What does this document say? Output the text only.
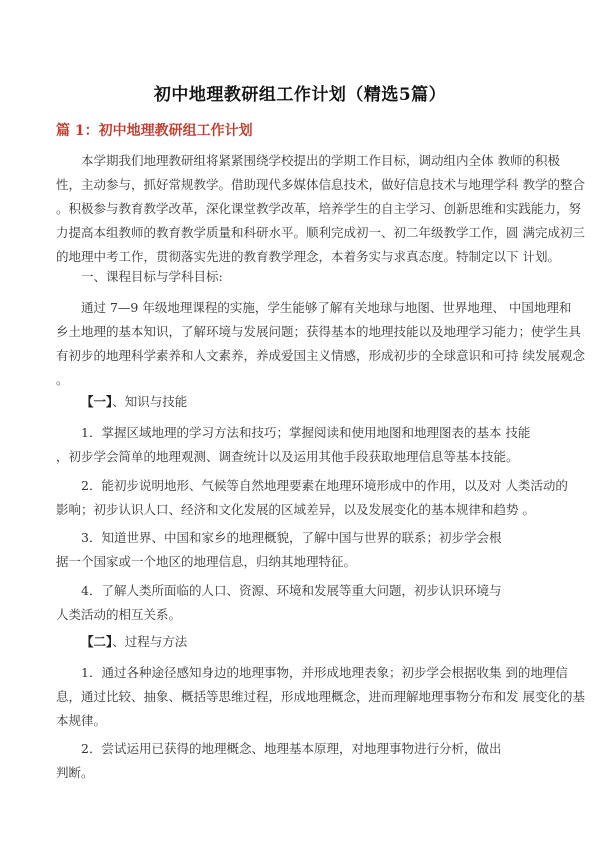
初中地理教研组工作计划（精选5篇）
篇 1：初中地理教研组工作计划
本学期我们地理教研组将紧紧围绕学校提出的学期工作目标，调动组内全体 教师的积极
性，主动参与，抓好常规教学。借助现代多媒体信息技术，做好信息技术与地理学科 教学的整合
。积极参与教育教学改革，深化课堂教学改革，培养学生的自主学习、创新思维和实践能力，努
力提高本组教师的教育教学质量和科研水平。顺利完成初一、初二年级教学工作，圆 满完成初三
的地理中考工作，贯彻落实先进的教育教学理念，本着务实与求真态度。特制定以下 计划。
一、课程目标与学科目标:
通过 7—9 年级地理课程的实施，学生能够了解有关地球与地图、世界地理、 中国地理和
乡土地理的基本知识，了解环境与发展问题；获得基本的地理技能以及地理学习能力；使学生具
有初步的地理科学素养和人文素养，养成爱国主义情感，形成初步的全球意识和可持 续发展观念
。
【一】、知识与技能
1．掌握区域地理的学习方法和技巧；掌握阅读和使用地图和地理图表的基本 技能
，初步学会简单的地理观测、调查统计以及运用其他手段获取地理信息等基本技能。
2．能初步说明地形、气候等自然地理要素在地理环境形成中的作用，以及对 人类活动的
影响；初步认识人口、经济和文化发展的区域差异，以及发展变化的基本规律和趋势 。
3．知道世界、中国和家乡的地理概貌，了解中国与世界的联系；初步学会根
据一个国家或一个地区的地理信息，归纳其地理特征。
4．了解人类所面临的人口、资源、环境和发展等重大问题，初步认识环境与
人类活动的相互关系。
【二】、过程与方法
1．通过各种途径感知身边的地理事物，并形成地理表象；初步学会根据收集 到的地理信
息，通过比较、抽象、概括等思维过程，形成地理概念，进而理解地理事物分布和发 展变化的基
本规律。
2．尝试运用已获得的地理概念、地理基本原理，对地理事物进行分析，做出
判断。
